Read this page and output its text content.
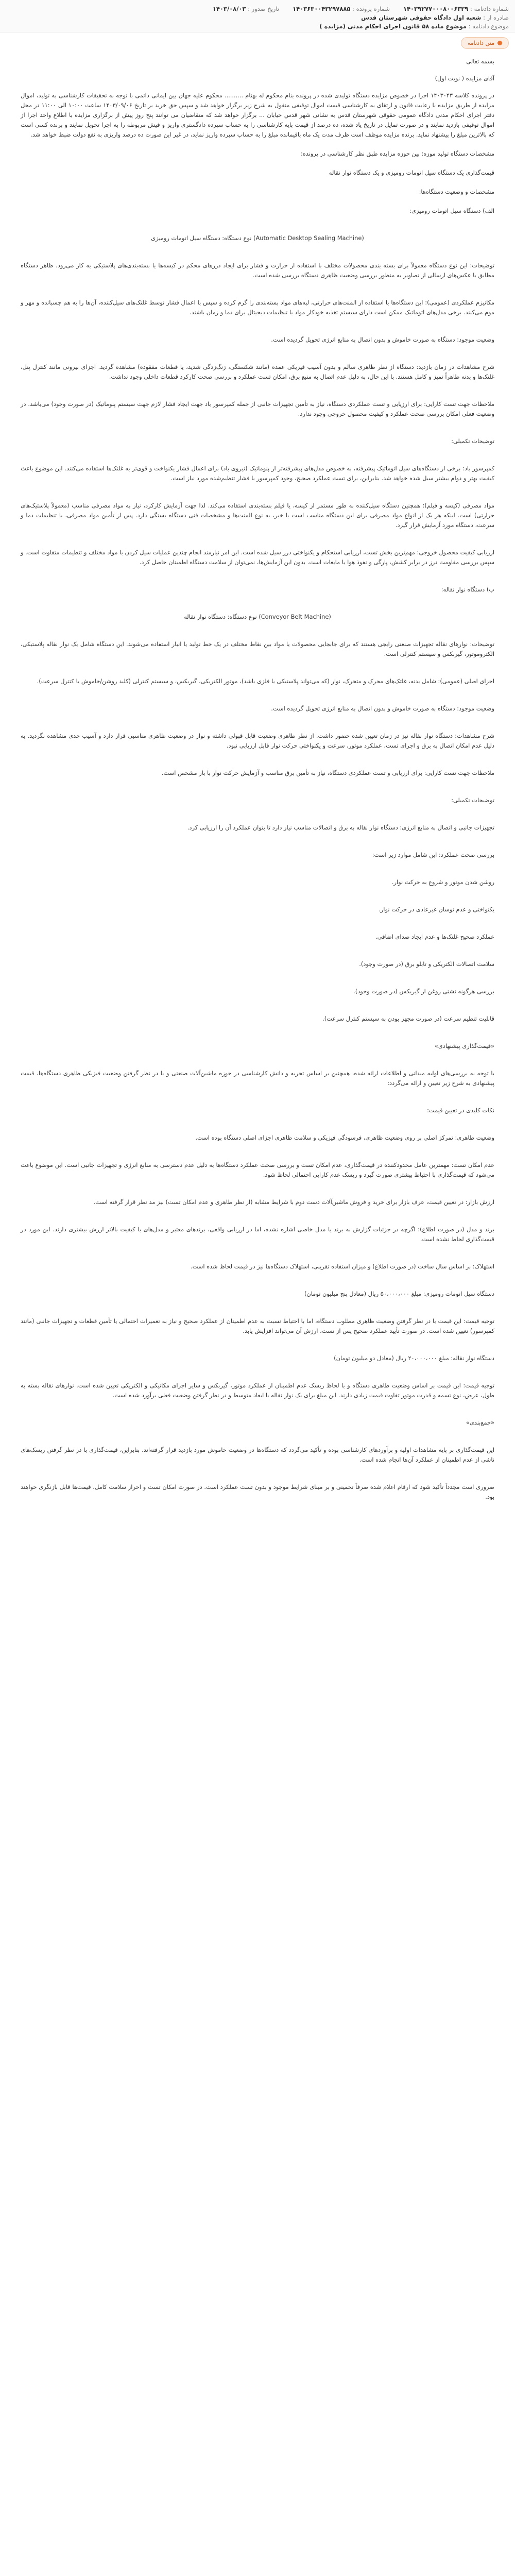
شماره دادنامه : ۱۴۰۳۹۲۷۷۰۰۰۸۰۰۶۳۳۹
شماره پرونده : ۱۴۰۳۶۳۰۰۴۳۲۹۷۸۸۵
تاریخ صدور : ۱۴۰۳/۰۸/۰۳
صادره از : شعبه اول دادگاه حقوقی شهرستان قدس
موضوع دادنامه : موضوع ماده ۵۸ قانون اجرای احکام مدنی (مزایده )
متن دادنامه

بسمه تعالی

آقای مزایده ( نوبت اول)

در پرونده کلاسه ۱۴۰۳۰۴۳ اجرا در خصوص مزایده دستگاه تولیدی شده در پرونده بنام محکوم له بهنام .......... محکوم علیه جهان بین ایمانی دائمی با توجه به تحقیقات کارشناسی به تولید، اموال مزایده از طریق مزایده با رعایت قانون و ارتقای به کارشناسی قیمت اموال توقیفی منقول به شرح زیر برگزار خواهد شد و سپس حق خرید بر تاریخ ۱۴۰۳/۰۹/۰۶ ساعت ۱۰:۰۰ الی ۱۱:۰۰ در محل دفتر اجرای احکام مدنی دادگاه عمومی حقوقی شهرستان قدس به نشانی شهر قدس خیابان ... برگزار خواهد شد که متقاضیان می توانند پنج روز پیش از برگزاری مزایده با اطلاع واحد اجرا از اموال توقیفی بازدید نمایند و در صورت تمایل در تاریخ یاد شده، ده درصد از قیمت پایه کارشناسی را به حساب سپرده دادگستری واریز و فیش مربوطه را به اجرا تحویل نمایند و برنده کسی است که بالاترین مبلغ را پیشنهاد نماید. برنده مزایده موظف است ظرف مدت یک ماه باقیمانده مبلغ را به حساب سپرده واریز نماید، در غیر این صورت ده درصد واریزی به نفع دولت ضبط خواهد شد.

مشخصات دستگاه تولید موزه: بین حوزه مزایده طبق نظر کارشناسی در پرونده:

قیمت‌گذاری یک دستگاه سیل اتومات رومیزی و یک دستگاه نوار نقاله

مشخصات و وضعیت دستگاه‌ها:

الف) دستگاه سیل اتومات رومیزی:

نوع دستگاه: دستگاه سیل اتومات رومیزی (Automatic Desktop Sealing Machine)

توضیحات: این نوع دستگاه معمولاً برای بسته بندی محصولات مختلف با استفاده از حرارت و فشار برای ایجاد درزهای محکم در کیسه‌ها یا بسته‌بندی‌های پلاستیکی به کار می‌رود. ظاهر دستگاه مطابق با عکس‌های ارسالی از تصاویر به منظور بررسی وضعیت ظاهری دستگاه بررسی شده است.

مکانیزم عملکردی (عمومی): این دستگاه‌ها با استفاده از المنت‌های حرارتی، لبه‌های مواد بسته‌بندی را گرم کرده و سپس با اعمال فشار توسط غلتک‌های سیل‌کننده، آن‌ها را به هم چسبانده و مهر و موم می‌کنند. برخی مدل‌های اتوماتیک ممکن است دارای سیستم تغذیه خودکار مواد یا تنظیمات دیجیتال برای دما و زمان باشند.

وضعیت موجود: دستگاه به صورت خاموش و بدون اتصال به منابع انرژی تحویل گردیده است.

شرح مشاهدات در زمان بازدید: دستگاه از نظر ظاهری سالم و بدون آسیب فیزیکی عمده (مانند شکستگی، زنگ‌زدگی شدید، یا قطعات مفقوده) مشاهده گردید. اجزای بیرونی مانند کنترل پنل، غلتک‌ها و بدنه ظاهراً تمیز و کامل هستند. با این حال، به دلیل عدم اتصال به منبع برق، امکان تست عملکرد و بررسی صحت کارکرد قطعات داخلی وجود نداشت.

ملاحظات جهت تست کارایی: برای ارزیابی و تست عملکردی دستگاه، نیاز به تأمین تجهیزات جانبی از جمله کمپرسور باد جهت ایجاد فشار لازم جهت سیستم پنوماتیک (در صورت وجود) می‌باشد. در وضعیت فعلی امکان بررسی صحت عملکرد و کیفیت محصول خروجی وجود ندارد.

توضیحات تکمیلی:

کمپرسور باد: برخی از دستگاه‌های سیل اتوماتیک پیشرفته، به خصوص مدل‌های پیشرفته‌تر از پنوماتیک (نیروی باد) برای اعمال فشار یکنواخت و قوی‌تر به غلتک‌ها استفاده می‌کنند. این موضوع باعث کیفیت بهتر و دوام بیشتر سیل شده خواهد شد. بنابراین، برای تست عملکرد صحیح، وجود کمپرسور با فشار تنظیم‌شده مورد نیاز است.

مواد مصرفی (کیسه و فیلم): همچنین دستگاه سیل‌کننده به طور مستمر از کیسه، یا فیلم بسته‌بندی استفاده می‌کند. لذا جهت آزمایش کارکرد، نیاز به مواد مصرفی مناسب (معمولاً پلاستیک‌های حرارتی) است. اینکه هر یک از انواع مواد مصرفی برای این دستگاه مناسب است یا خیر، به نوع المنت‌ها و مشخصات فنی دستگاه بستگی دارد. پس از تأمین مواد مصرفی، با تنظیمات دما و سرعت، دستگاه مورد آزمایش قرار گیرد.

ارزیابی کیفیت محصول خروجی: مهم‌ترین بخش تست، ارزیابی استحکام و یکنواختی درز سیل شده است. این امر نیازمند انجام چندین عملیات سیل کردن با مواد مختلف و تنظیمات متفاوت است. و سپس بررسی مقاومت درز در برابر کشش، پارگی و نفوذ هوا یا مایعات است. بدون این آزمایش‌ها، نمی‌توان از سلامت دستگاه اطمینان حاصل کرد.

ب) دستگاه نوار نقاله:

نوع دستگاه: دستگاه نوار نقاله (Conveyor Belt Machine)

توضیحات: نوارهای نقاله تجهیزات صنعتی رایجی هستند که برای جابجایی محصولات یا مواد بین نقاط مختلف در یک خط تولید یا انبار استفاده می‌شوند. این دستگاه شامل یک نوار نقاله پلاستیکی، الکتروموتور، گیربکس و سیستم کنترلی است.

اجزای اصلی (عمومی): شامل بدنه، غلتک‌های محرک و متحرک، نوار (که می‌تواند پلاستیکی یا فلزی باشد)، موتور الکتریکی، گیربکس، و سیستم کنترلی (کلید روشن/خاموش یا کنترل سرعت).

وضعیت موجود: دستگاه به صورت خاموش و بدون اتصال به منابع انرژی تحویل گردیده است.

شرح مشاهدات: دستگاه نوار نقاله نیز در زمان تعیین شده حضور داشت. از نظر ظاهری وضعیت قابل قبولی داشته و نوار در وضعیت ظاهری مناسبی قرار دارد و آسیب جدی مشاهده نگردید. به دلیل عدم امکان اتصال به برق و اجرای تست، عملکرد موتور، سرعت و یکنواختی حرکت نوار قابل ارزیابی نبود.

ملاحظات جهت تست کارایی: برای ارزیابی و تست عملکردی دستگاه، نیاز به تأمین برق مناسب و آزمایش حرکت نوار با بار مشخص است.

توضیحات تکمیلی:

تجهیزات جانبی و اتصال به منابع انرژی: دستگاه نوار نقاله به برق و اتصالات مناسب نیاز دارد تا بتوان عملکرد آن را ارزیابی کرد.

بررسی صحت عملکرد: این شامل موارد زیر است:

روشن شدن موتور و شروع به حرکت نوار.

یکنواختی و عدم نوسان غیرعادی در حرکت نوار.

عملکرد صحیح غلتک‌ها و عدم ایجاد صدای اضافی.

سلامت اتصالات الکتریکی و تابلو برق (در صورت وجود).

بررسی هرگونه نشتی روغن از گیربکس (در صورت وجود).

قابلیت تنظیم سرعت (در صورت مجهز بودن به سیستم کنترل سرعت).

«قیمت‌گذاری پیشنهادی»

با توجه به بررسی‌های اولیه میدانی و اطلاعات ارائه شده، همچنین بر اساس تجربه و دانش کارشناسی در حوزه ماشین‌آلات صنعتی و با در نظر گرفتن وضعیت فیزیکی ظاهری دستگاه‌ها، قیمت پیشنهادی به شرح زیر تعیین و ارائه می‌گردد:

نکات کلیدی در تعیین قیمت:

وضعیت ظاهری: تمرکز اصلی بر روی وضعیت ظاهری، فرسودگی فیزیکی و سلامت ظاهری اجزای اصلی دستگاه بوده است.

عدم امکان تست: مهمترین عامل محدودکننده در قیمت‌گذاری، عدم امکان تست و بررسی صحت عملکرد دستگاه‌ها به دلیل عدم دسترسی به منابع انرژی و تجهیزات جانبی است. این موضوع باعث می‌شود که قیمت‌گذاری با احتیاط بیشتری صورت گیرد و ریسک عدم کارایی احتمالی لحاظ شود.

ارزش بازار: در تعیین قیمت، عرف بازار برای خرید و فروش ماشین‌آلات دست دوم با شرایط مشابه (از نظر ظاهری و عدم امکان تست) نیز مد نظر قرار گرفته است.

برند و مدل (در صورت اطلاع): اگرچه در جزئیات گزارش به برند یا مدل خاصی اشاره نشده، اما در ارزیابی واقعی، برندهای معتبر و مدل‌های با کیفیت بالاتر ارزش بیشتری دارند. این مورد در قیمت‌گذاری لحاظ نشده است.

استهلاک: بر اساس سال ساخت (در صورت اطلاع) و میزان استفاده تقریبی، استهلاک دستگاه‌ها نیز در قیمت لحاظ شده است.

دستگاه سیل اتومات رومیزی: مبلغ ۵۰،۰۰۰،۰۰۰ ریال (معادل پنج میلیون تومان)

توجیه قیمت: این قیمت با در نظر گرفتن وضعیت ظاهری مطلوب دستگاه، اما با احتیاط نسبت به عدم اطمینان از عملکرد صحیح و نیاز به تعمیرات احتمالی یا تأمین قطعات و تجهیزات جانبی (مانند کمپرسور) تعیین شده است. در صورت تأیید عملکرد صحیح پس از تست، ارزش آن می‌تواند افزایش یابد.

دستگاه نوار نقاله: مبلغ ۲۰،۰۰۰،۰۰۰ ریال (معادل دو میلیون تومان)

توجیه قیمت: این قیمت بر اساس وضعیت ظاهری دستگاه و با لحاظ ریسک عدم اطمینان از عملکرد موتور، گیربکس و سایر اجزای مکانیکی و الکتریکی تعیین شده است. نوارهای نقاله بسته به طول، عرض، نوع تسمه و قدرت موتور تفاوت قیمت زیادی دارند. این مبلغ برای یک نوار نقاله با ابعاد متوسط و در نظر گرفتن وضعیت فعلی برآورد شده است.

«جمع‌بندی»

این قیمت‌گذاری بر پایه مشاهدات اولیه و برآوردهای کارشناسی بوده و تأکید می‌گردد که دستگاه‌ها در وضعیت خاموش مورد بازدید قرار گرفته‌اند. بنابراین، قیمت‌گذاری با در نظر گرفتن ریسک‌های ناشی از عدم اطمینان از عملکرد آن‌ها انجام شده است.

ضروری است مجدداً تأکید شود که ارقام اعلام شده صرفاً تخمینی و بر مبنای شرایط موجود و بدون تست عملکرد است. در صورت امکان تست و احراز سلامت کامل، قیمت‌ها قابل بازنگری خواهند بود.
